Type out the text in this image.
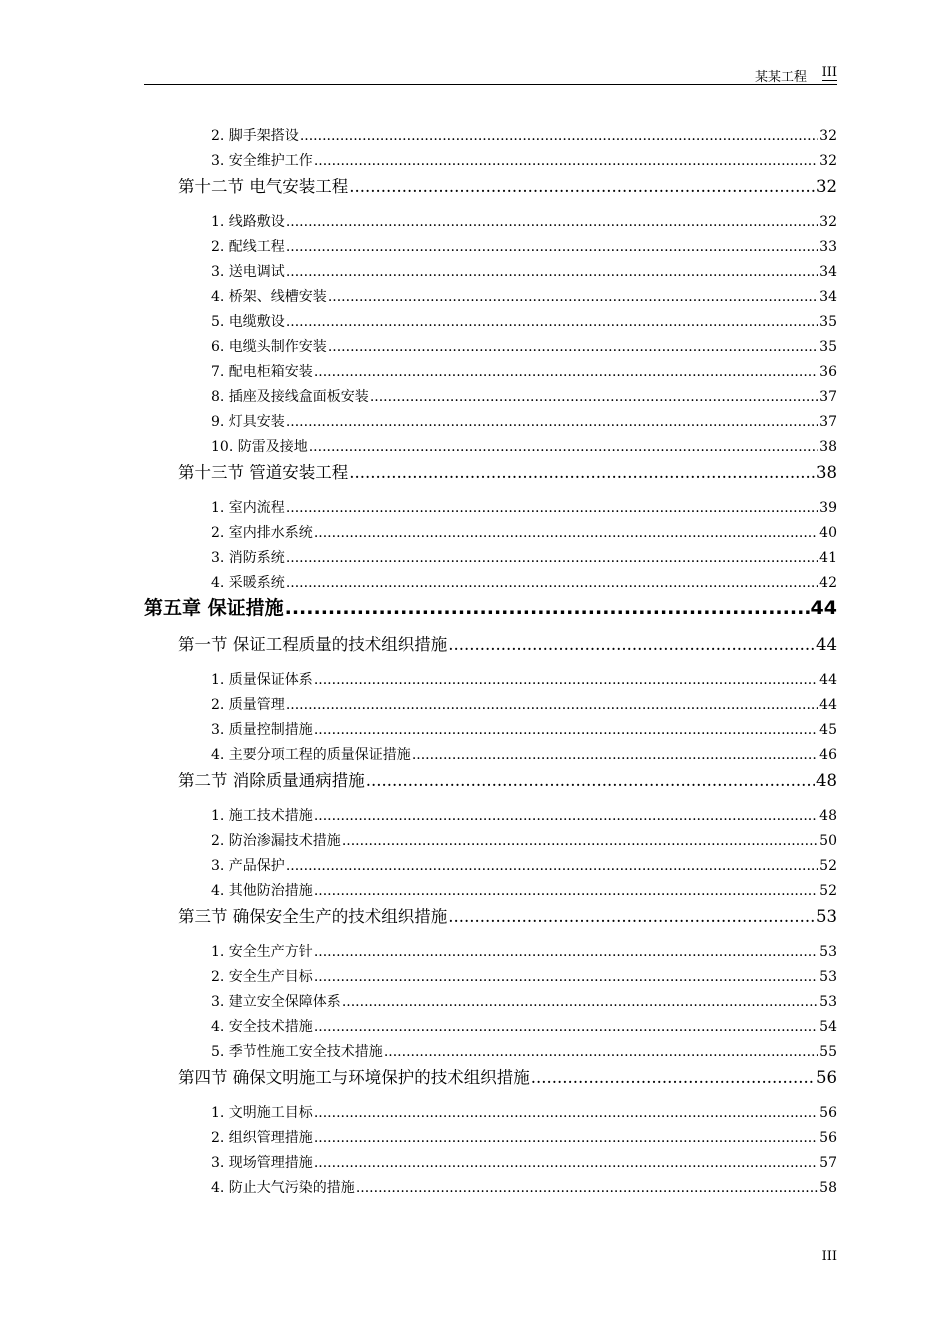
某某工程 III
2. 脚手架搭设 .....	32
3. 安全维护工作 .....	32
第十二节 电气安装工程 .....	32
1. 线路敷设 .....	32
2. 配线工程 .....	33
3. 送电调试 .....	34
4. 桥架、线槽安装 .....	34
5. 电缆敷设 .....	35
6. 电缆头制作安装 .....	35
7. 配电柜箱安装 .....	36
8. 插座及接线盒面板安装 .....	37
9. 灯具安装 .....	37
10. 防雷及接地 .....	38
第十三节 管道安装工程 .....	38
1. 室内流程 .....	39
2. 室内排水系统 .....	40
3. 消防系统 .....	41
4. 采暖系统 .....	42
第五章 保证措施 .....	44
第一节 保证工程质量的技术组织措施 .....	44
1. 质量保证体系 .....	44
2. 质量管理 .....	44
3. 质量控制措施 .....	45
4. 主要分项工程的质量保证措施 .....	46
第二节 消除质量通病措施 .....	48
1. 施工技术措施 .....	48
2. 防治渗漏技术措施 .....	50
3. 产品保护 .....	52
4. 其他防治措施 .....	52
第三节 确保安全生产的技术组织措施 .....	53
1. 安全生产方针 .....	53
2. 安全生产目标 .....	53
3. 建立安全保障体系 .....	53
4. 安全技术措施 .....	54
5. 季节性施工安全技术措施 .....	55
第四节 确保文明施工与环境保护的技术组织措施 .....	56
1. 文明施工目标 .....	56
2. 组织管理措施 .....	56
3. 现场管理措施 .....	57
4. 防止大气污染的措施 .....	58
III
